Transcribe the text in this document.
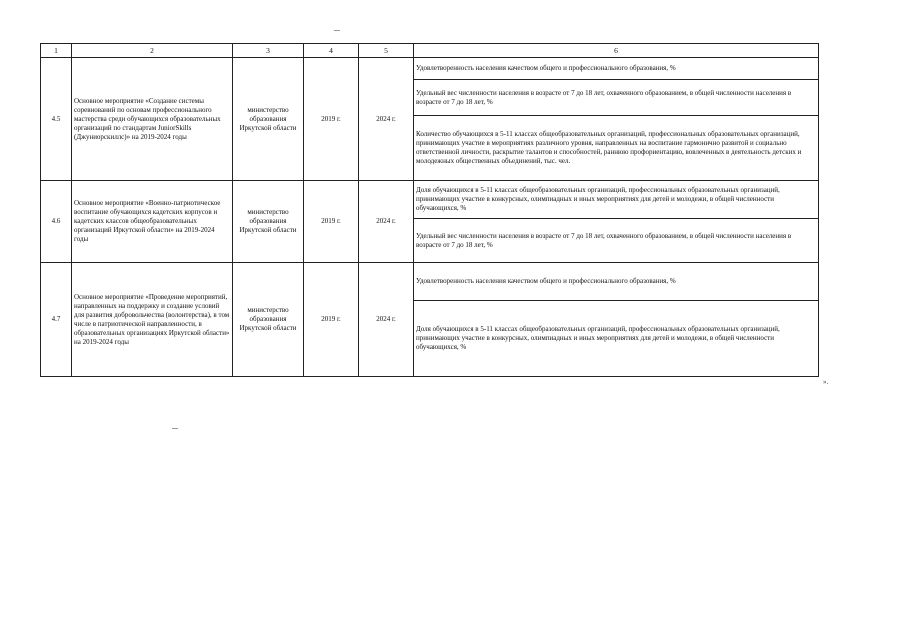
1	2	3	4	5	6
4.5	Основное мероприятие «Создание системы соревнований по основам профессионального мастерства среди обучающихся образовательных организаций по стандартам JuniorSkills (Джуниорскиллс)» на 2019-2024 годы	министерство образования Иркутской области	2019 г.	2024 г.	Удовлетворенность населения качеством общего и профессионального образования, %
					Удельный вес численности населения в возрасте от 7 до 18 лет, охваченного образованием, в общей численности населения в возрасте от 7 до 18 лет, %
					Количество обучающихся в 5-11 классах общеобразовательных организаций, профессиональных образовательных организаций, принимающих участие в мероприятиях различного уровня, направленных на воспитание гармонично развитой и социально ответственной личности, раскрытие талантов и способностей, раннюю профориентацию, вовлеченных в деятельность детских и молодежных общественных объединений, тыс. чел.
4.6	Основное мероприятие «Военно-патриотическое воспитание обучающихся кадетских корпусов и кадетских классов общеобразовательных организаций Иркутской области» на 2019-2024 годы	министерство образования Иркутской области	2019 г.	2024 г.	Доля обучающихся в 5-11 классах общеобразовательных организаций, профессиональных образовательных организаций, принимающих участие в конкурсных, олимпиадных и иных мероприятиях для детей и молодежи, в общей численности обучающихся, %
					Удельный вес численности населения в возрасте от 7 до 18 лет, охваченного образованием, в общей численности населения в возрасте от 7 до 18 лет, %
4.7	Основное мероприятие «Проведение мероприятий, направленных на поддержку и создание условий для развития добровольчества (волонтерства), в том числе в патриотической направленности, в образовательных организациях Иркутской области» на 2019-2024 годы	министерство образования Иркутской области	2019 г.	2024 г.	Удовлетворенность населения качеством общего и профессионального образования, %
					Доля обучающихся в 5-11 классах общеобразовательных организаций, профессиональных образовательных организаций, принимающих участие в конкурсных, олимпиадных и иных мероприятиях для детей и молодежи, в общей численности обучающихся, %
».
